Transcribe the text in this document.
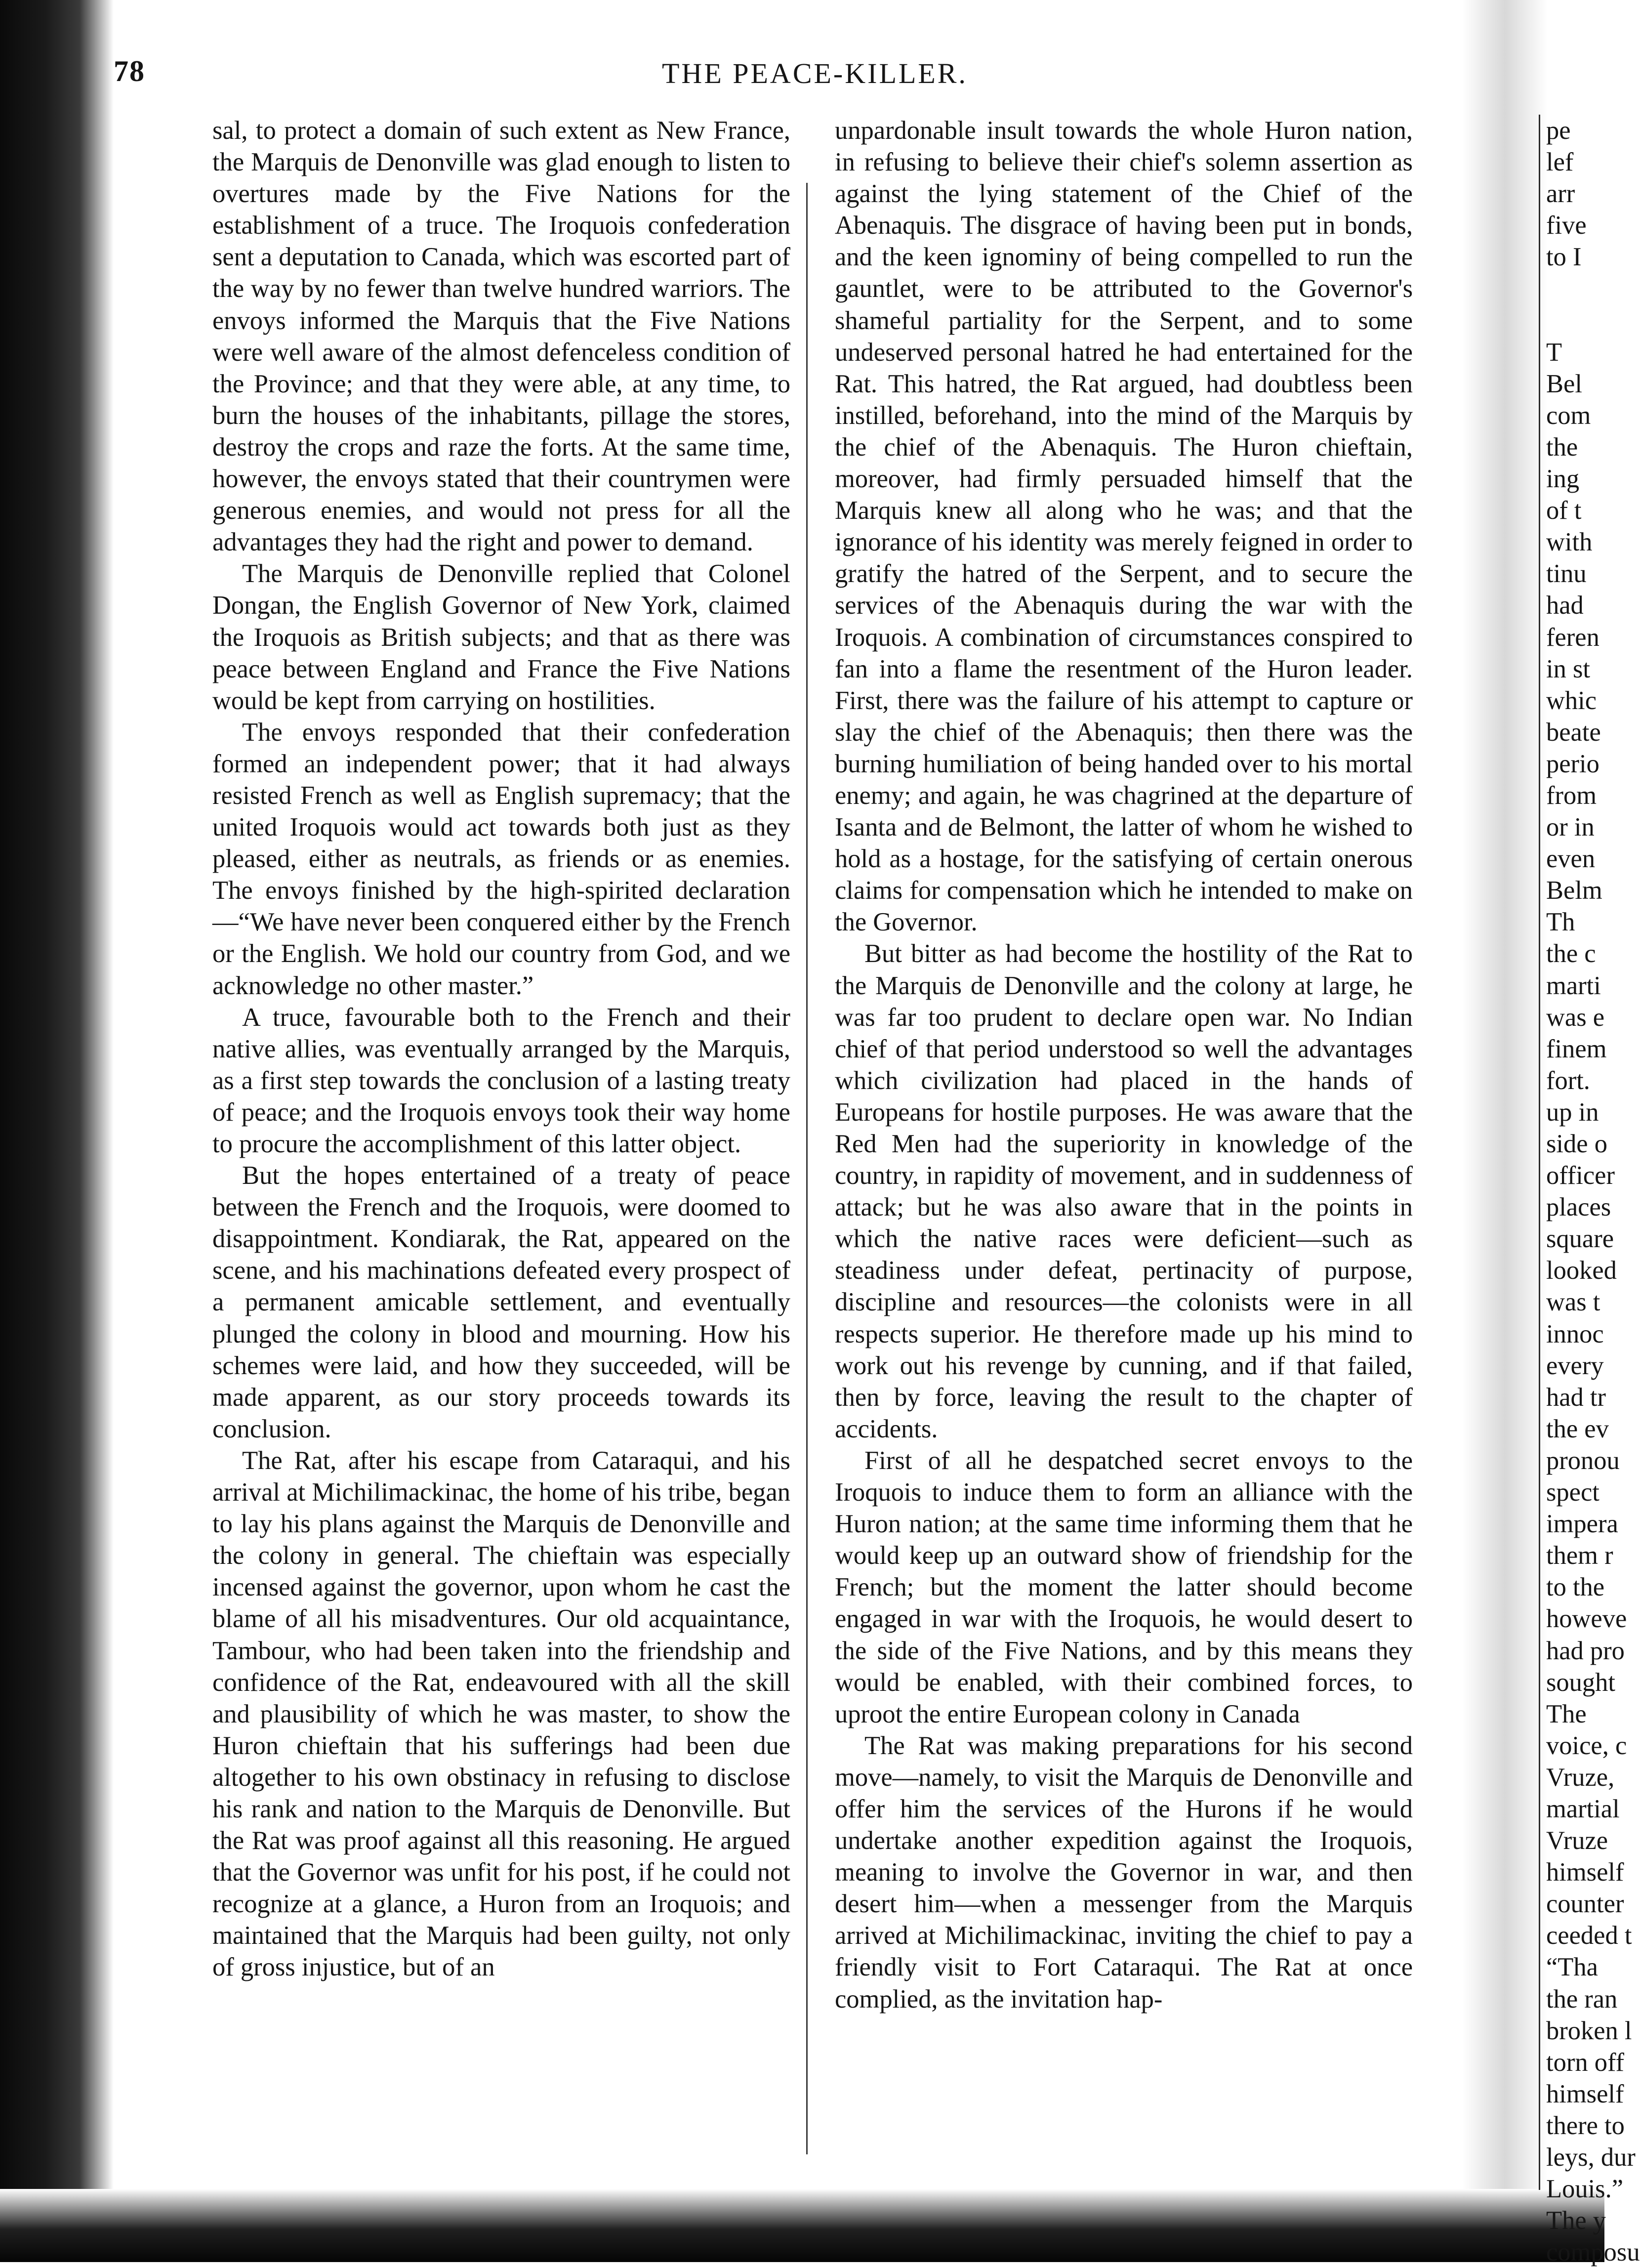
78	THE PEACE-KILLER.

sal, to protect a domain of such extent as New France, the Marquis de Denonville was glad enough to listen to overtures made by the Five Nations for the establishment of a truce. The Iroquois confederation sent a deputation to Canada, which was escorted part of the way by no fewer than twelve hundred warriors. The envoys informed the Marquis that the Five Nations were well aware of the almost defenceless condition of the Province; and that they were able, at any time, to burn the houses of the inhabitants, pillage the stores, destroy the crops and raze the forts. At the same time, however, the envoys stated that their countrymen were generous enemies, and would not press for all the advantages they had the right and power to demand.

The Marquis de Denonville replied that Colonel Dongan, the English Governor of New York, claimed the Iroquois as British subjects; and that as there was peace between England and France the Five Nations would be kept from carrying on hostilities.

The envoys responded that their confederation formed an independent power; that it had always resisted French as well as English supremacy; that the united Iroquois would act towards both just as they pleased, either as neutrals, as friends or as enemies. The envoys finished by the high-spirited declaration—“We have never been conquered either by the French or the English. We hold our country from God, and we acknowledge no other master.”

A truce, favourable both to the French and their native allies, was eventually arranged by the Marquis, as a first step towards the conclusion of a lasting treaty of peace; and the Iroquois envoys took their way home to procure the accomplishment of this latter object.

But the hopes entertained of a treaty of peace between the French and the Iroquois, were doomed to disappointment. Kondiarak, the Rat, appeared on the scene, and his machinations defeated every prospect of a permanent amicable settlement, and eventually plunged the colony in blood and mourning. How his schemes were laid, and how they succeeded, will be made apparent, as our story proceeds towards its conclusion.

The Rat, after his escape from Cataraqui, and his arrival at Michilimackinac, the home of his tribe, began to lay his plans against the Marquis de Denonville and the colony in general. The chieftain was especially incensed against the governor, upon whom he cast the blame of all his misadventures. Our old acquaintance, Tambour, who had been taken into the friendship and confidence of the Rat, endeavoured with all the skill and plausibility of which he was master, to show the Huron chieftain that his sufferings had been due altogether to his own obstinacy in refusing to disclose his rank and nation to the Marquis de Denonville. But the Rat was proof against all this reasoning. He argued that the Governor was unfit for his post, if he could not recognize at a glance, a Huron from an Iroquois; and maintained that the Marquis had been guilty, not only of gross injustice, but of an

unpardonable insult towards the whole Huron nation, in refusing to believe their chief's solemn assertion as against the lying statement of the Chief of the Abenaquis. The disgrace of having been put in bonds, and the keen ignominy of being compelled to run the gauntlet, were to be attributed to the Governor's shameful partiality for the Serpent, and to some undeserved personal hatred he had entertained for the Rat. This hatred, the Rat argued, had doubtless been instilled, beforehand, into the mind of the Marquis by the chief of the Abenaquis. The Huron chieftain, moreover, had firmly persuaded himself that the Marquis knew all along who he was; and that the ignorance of his identity was merely feigned in order to gratify the hatred of the Serpent, and to secure the services of the Abenaquis during the war with the Iroquois. A combination of circumstances conspired to fan into a flame the resentment of the Huron leader. First, there was the failure of his attempt to capture or slay the chief of the Abenaquis; then there was the burning humiliation of being handed over to his mortal enemy; and again, he was chagrined at the departure of Isanta and de Belmont, the latter of whom he wished to hold as a hostage, for the satisfying of certain onerous claims for compensation which he intended to make on the Governor.

But bitter as had become the hostility of the Rat to the Marquis de Denonville and the colony at large, he was far too prudent to declare open war. No Indian chief of that period understood so well the advantages which civilization had placed in the hands of Europeans for hostile purposes. He was aware that the Red Men had the superiority in knowledge of the country, in rapidity of movement, and in suddenness of attack; but he was also aware that in the points in which the native races were deficient—such as steadiness under defeat, pertinacity of purpose, discipline and resources—the colonists were in all respects superior. He therefore made up his mind to work out his revenge by cunning, and if that failed, then by force, leaving the result to the chapter of accidents.

First of all he despatched secret envoys to the Iroquois to induce them to form an alliance with the Huron nation; at the same time informing them that he would keep up an outward show of friendship for the French; but the moment the latter should become engaged in war with the Iroquois, he would desert to the side of the Five Nations, and by this means they would be enabled, with their combined forces, to uproot the entire European colony in Canada

The Rat was making preparations for his second move—namely, to visit the Marquis de Denonville and offer him the services of the Hurons if he would undertake another expedition against the Iroquois, meaning to involve the Governor in war, and then desert him—when a messenger from the Marquis arrived at Michilimackinac, inviting the chief to pay a friendly visit to Fort Cataraqui. The Rat at once complied, as the invitation hap-

pe
lef
arr
five
to I

T
Bel
com
the
ing
of t
with
tinu
had
feren
in st
whic
beate
perio
from
or in
even
Belm
Th
the c
marti
was e
finem
fort.
up in
side o
officer
places
square
looked
was t
innoc
every
had tr
the ev
pronou
spect
impera
them r
to the
howeve
had pro
sought
The
voice, c
Vruze,
martial
Vruze
himself
counter
ceeded t
“Tha
the ran
broken l
torn off
himself
there to
leys, dur
Louis.”
The y
composu
